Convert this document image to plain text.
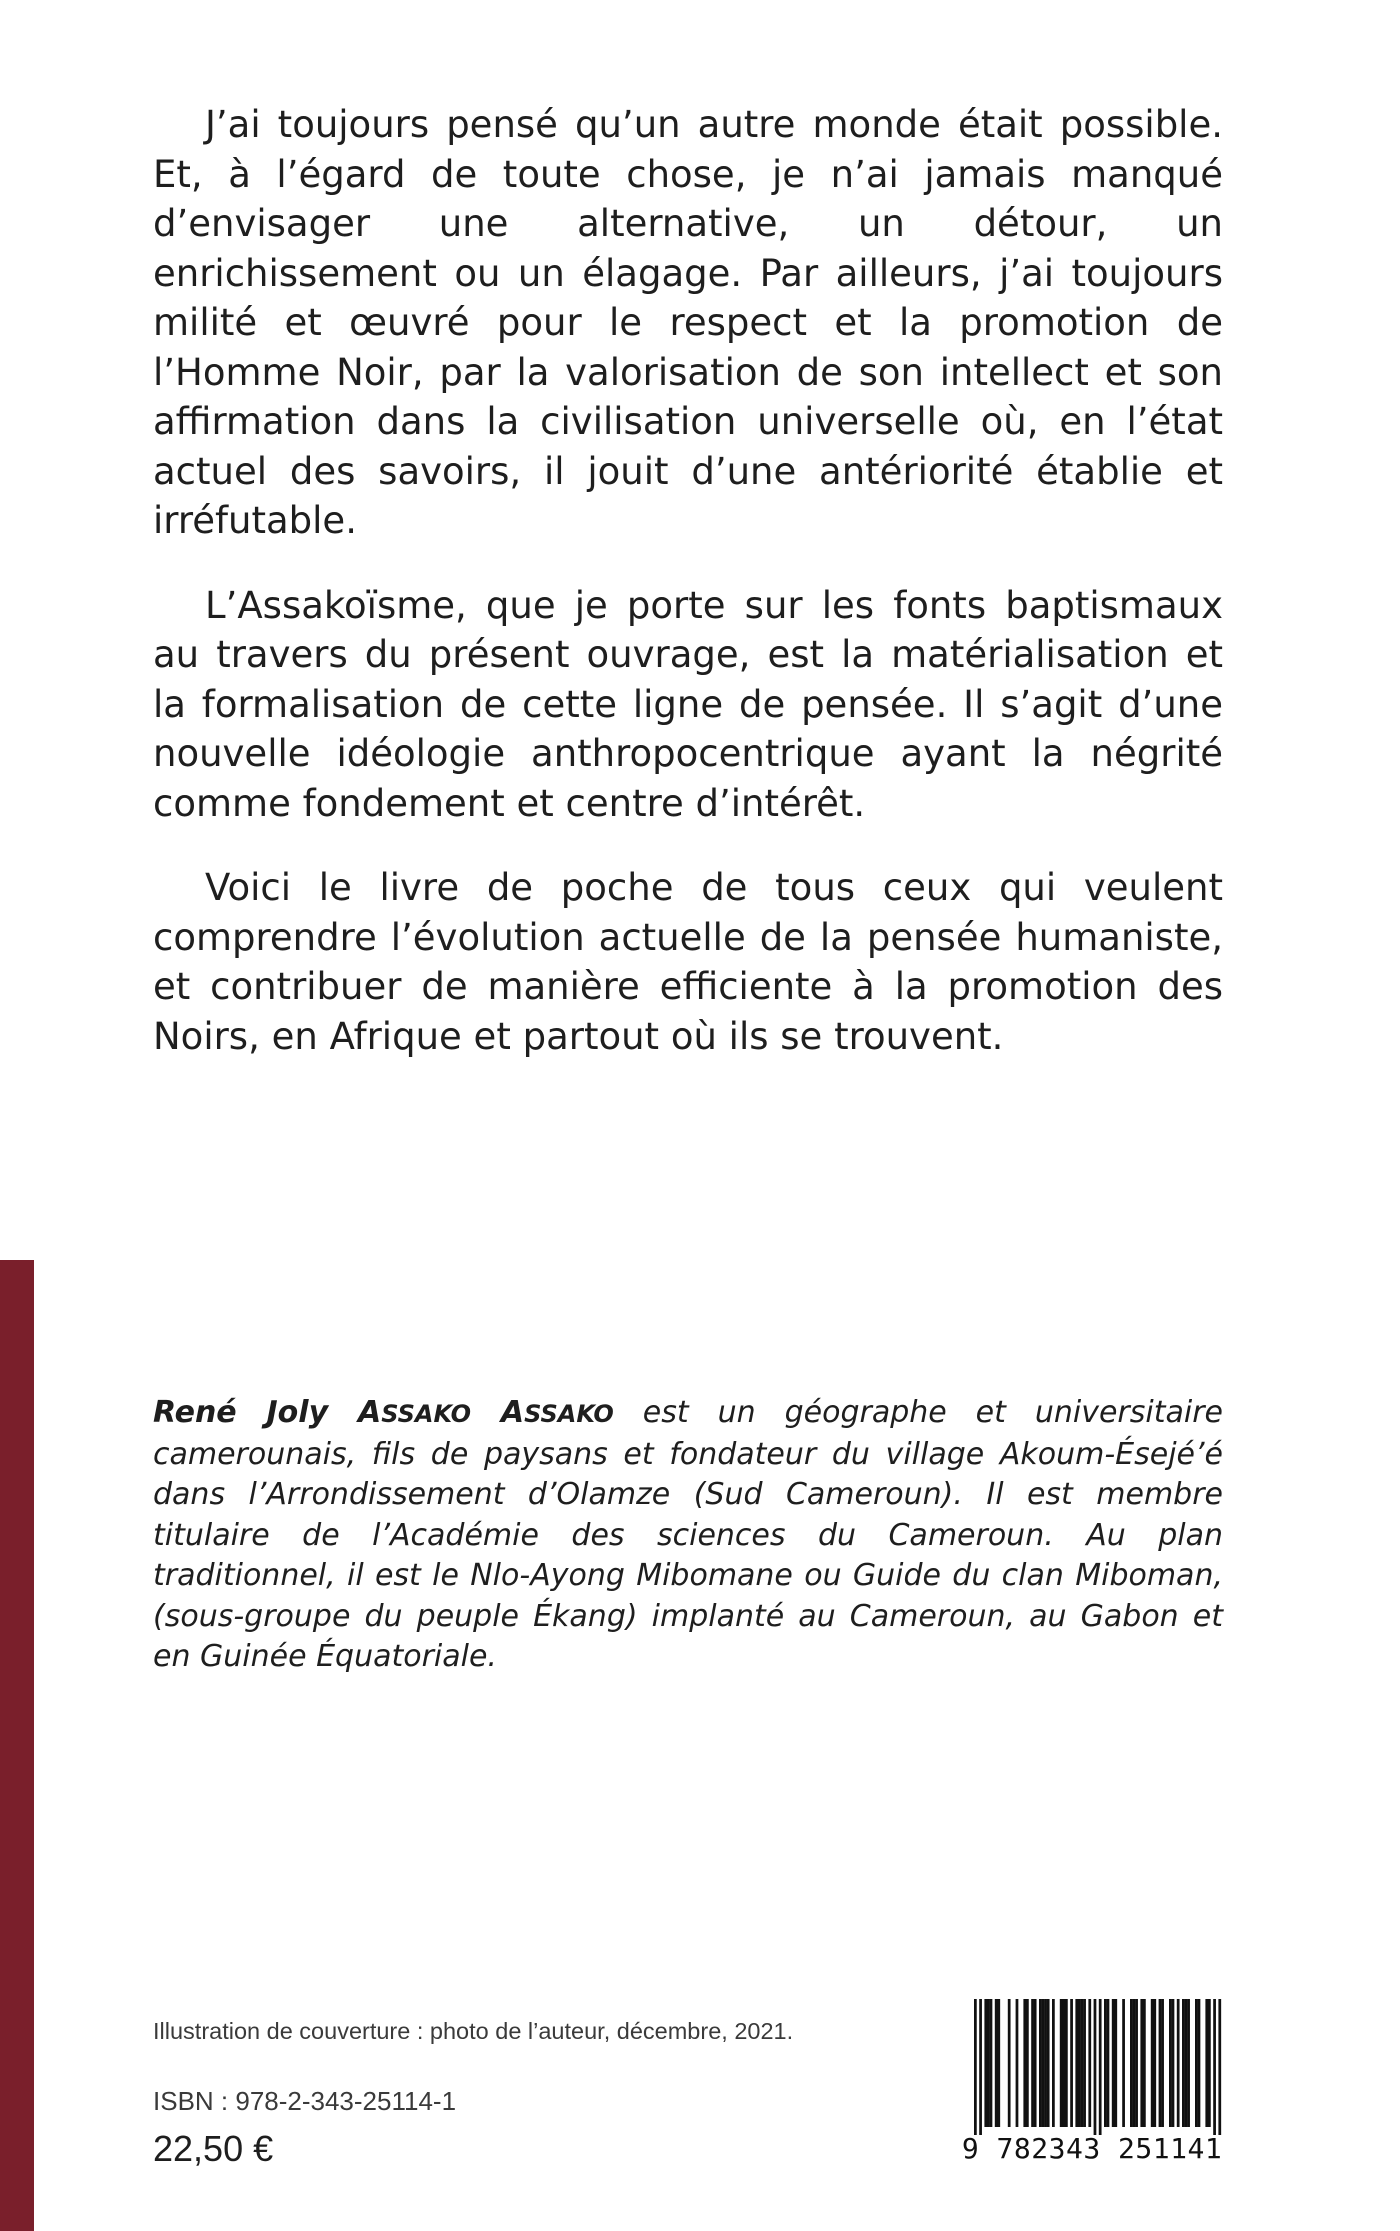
J’ai toujours pensé qu’un autre monde était possible. Et, à l’égard de toute chose, je n’ai jamais manqué d’envisager une alternative, un détour, un enrichissement ou un élagage. Par ailleurs, j’ai toujours milité et œuvré pour le respect et la promotion de l’Homme Noir, par la valorisation de son intellect et son affirmation dans la civilisation universelle où, en l’état actuel des savoirs, il jouit d’une antériorité établie et irréfutable.

L’Assakoïsme, que je porte sur les fonts baptismaux au travers du présent ouvrage, est la matérialisation et la formalisation de cette ligne de pensée. Il s’agit d’une nouvelle idéologie anthropocentrique ayant la négrité comme fondement et centre d’intérêt.

Voici le livre de poche de tous ceux qui veulent comprendre l’évolution actuelle de la pensée humaniste, et contribuer de manière efficiente à la promotion des Noirs, en Afrique et partout où ils se trouvent.

René Joly ASSAKO ASSAKO est un géographe et universitaire camerounais, fils de paysans et fondateur du village Akoum-Ésejé’é dans l’Arrondissement d’Olamze (Sud Cameroun). Il est membre titulaire de l’Académie des sciences du Cameroun. Au plan traditionnel, il est le Nlo-Ayong Mibomane ou Guide du clan Miboman, (sous-groupe du peuple Ékang) implanté au Cameroun, au Gabon et en Guinée Équatoriale.

Illustration de couverture : photo de l’auteur, décembre, 2021.

ISBN : 978-2-343-25114-1

22,50 €	9 782343 251141
